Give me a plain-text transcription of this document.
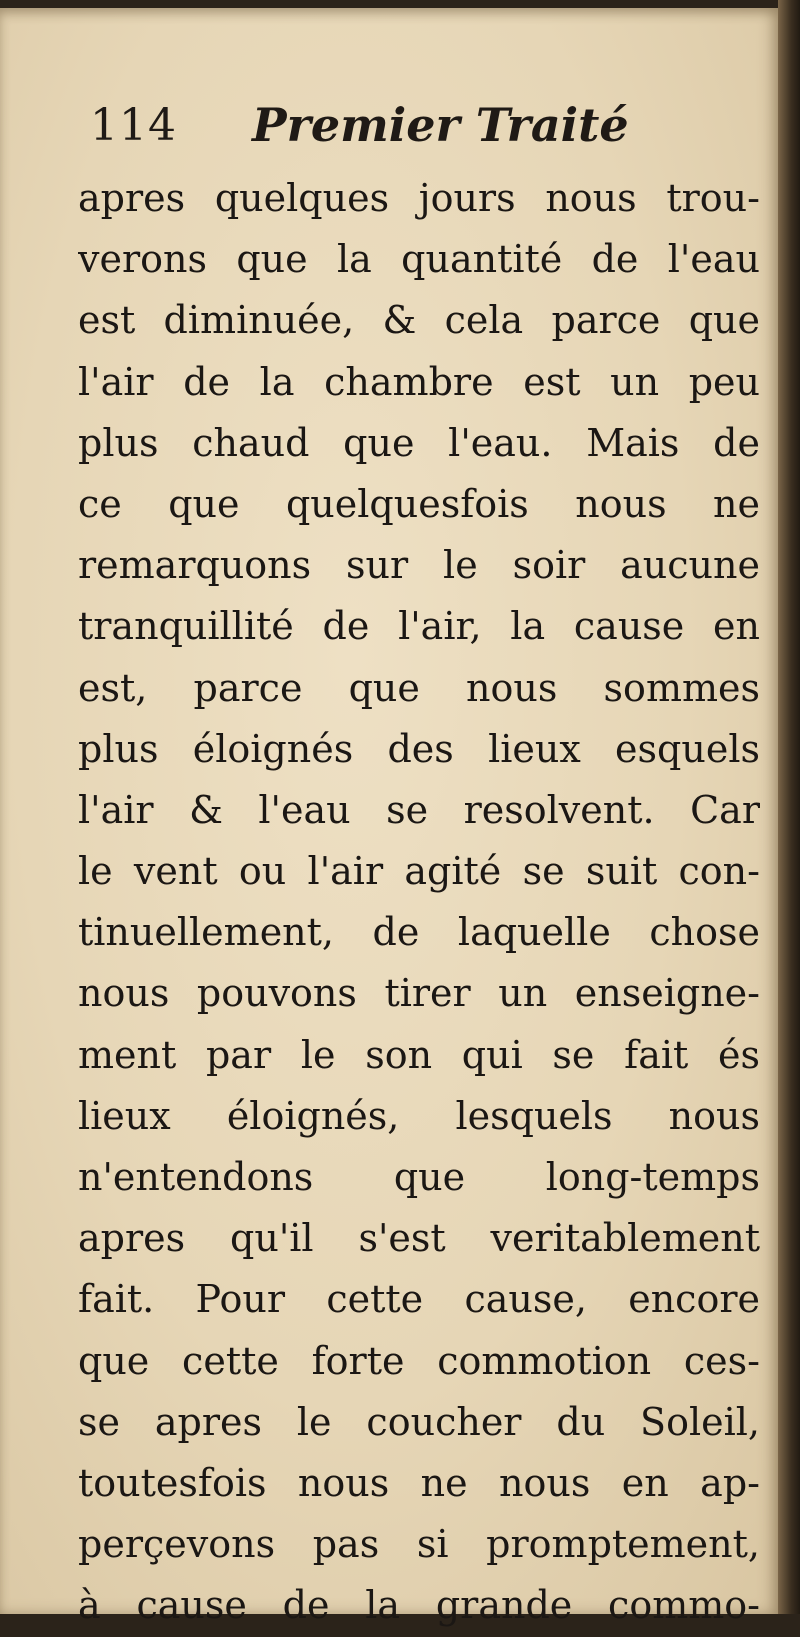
114 Premier Traité
apres quelques jours nous trou-
verons que la quantité de l'eau
est diminuée, & cela parce que
l'air de la chambre est un peu
plus chaud que l'eau. Mais de
ce que quelquesfois nous ne
remarquons sur le soir aucune
tranquillité de l'air, la cause en
est, parce que nous sommes
plus éloignés des lieux esquels
l'air & l'eau se resolvent. Car
le vent ou l'air agité se suit con-
tinuellement, de laquelle chose
nous pouvons tirer un enseigne-
ment par le son qui se fait és
lieux éloignés, lesquels nous
n'entendons que long-temps
apres qu'il s'est veritablement
fait. Pour cette cause, encore
que cette forte commotion ces-
se apres le coucher du Soleil,
toutesfois nous ne nous en ap-
perçevons pas si promptement,
à cause de la grande commo-
